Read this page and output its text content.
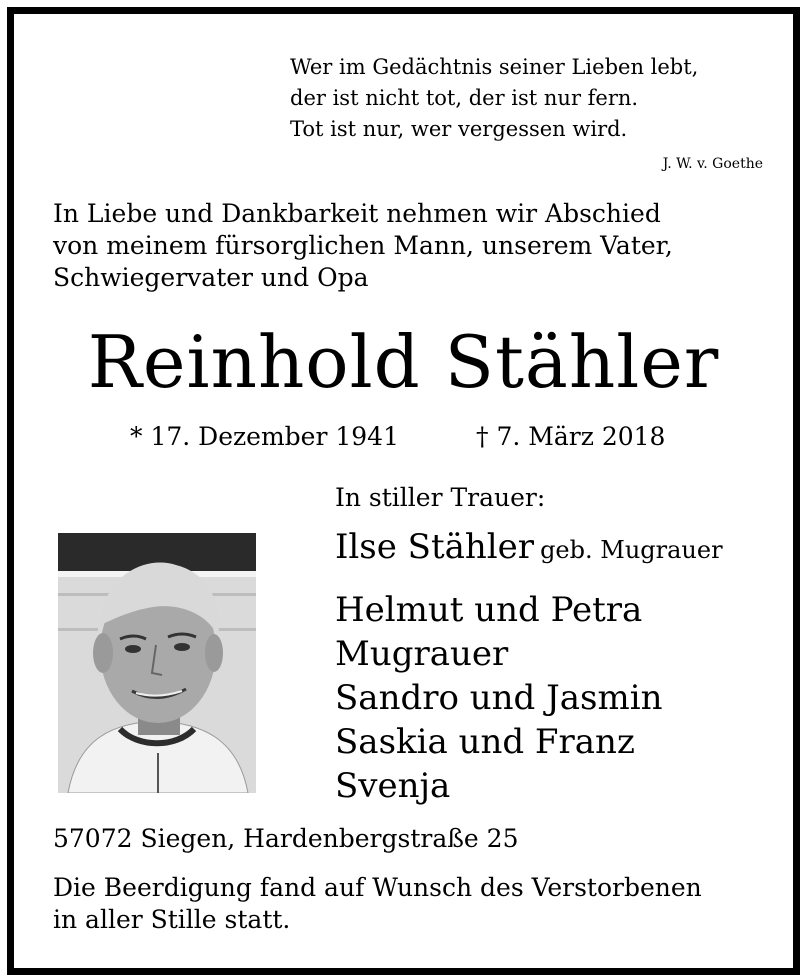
Wer im Gedächtnis seiner Lieben lebt,
der ist nicht tot, der ist nur fern.
Tot ist nur, wer vergessen wird.
J. W. v. Goethe
In Liebe und Dankbarkeit nehmen wir Abschied
von meinem fürsorglichen Mann, unserem Vater,
Schwiegervater und Opa
Reinhold Stähler
* 17. Dezember 1941	† 7. März 2018
In stiller Trauer:
Ilse Stähler geb. Mugrauer
Helmut und Petra
Mugrauer
Sandro und Jasmin
Saskia und Franz
Svenja
57072 Siegen, Hardenbergstraße 25
Die Beerdigung fand auf Wunsch des Verstorbenen
in aller Stille statt.
